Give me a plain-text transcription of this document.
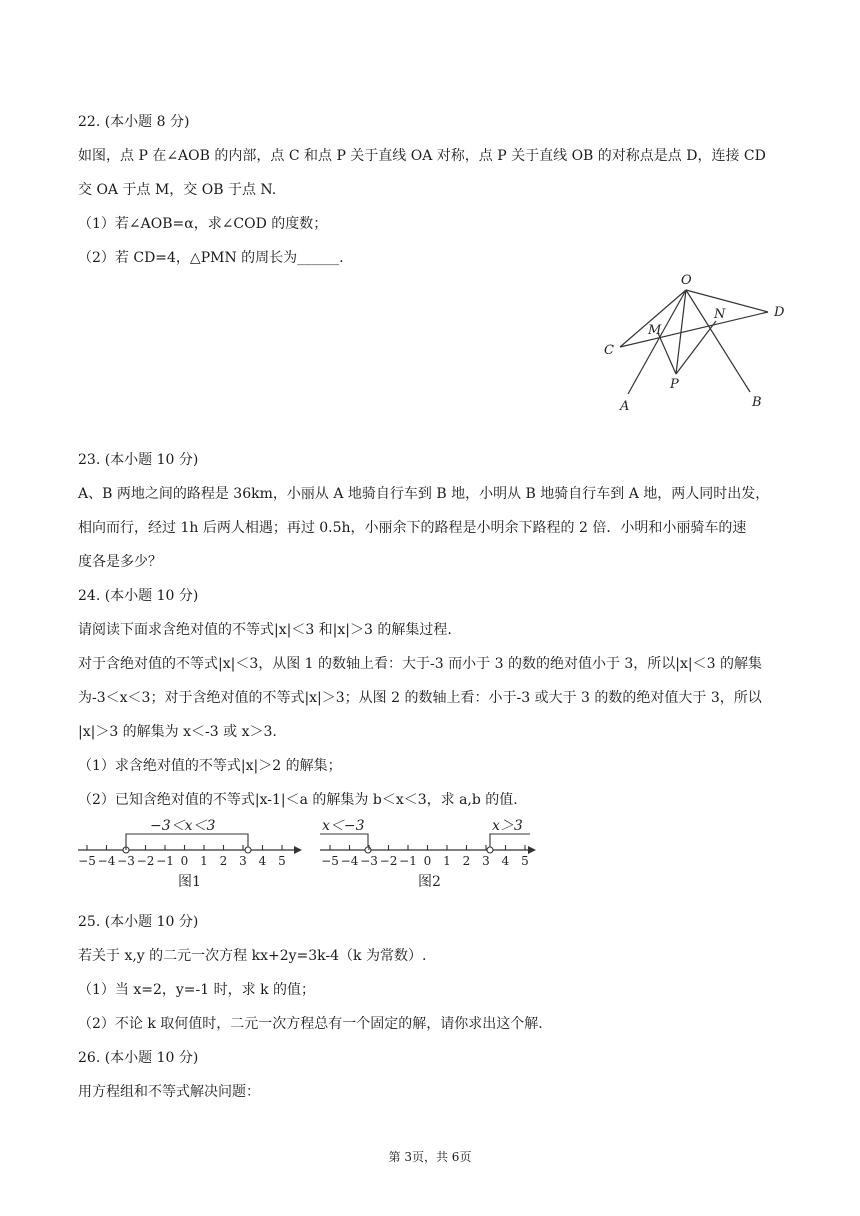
22. (本小题 8 分)
如图，点 P 在∠AOB 的内部，点 C 和点 P 关于直线 OA 对称，点 P 关于直线 OB 的对称点是点 D，连接 CD
交 OA 于点 M，交 OB 于点 N.
（1）若∠AOB=α，求∠COD 的度数；
（2）若 CD=4，△PMN 的周长为______.
O
M
N	D
C
P
A	B
23. (本小题 10 分)
A、B 两地之间的路程是 36km，小丽从 A 地骑自行车到 B 地，小明从 B 地骑自行车到 A 地，两人同时出发，
相向而行，经过 1h 后两人相遇；再过 0.5h，小丽余下的路程是小明余下路程的 2 倍．小明和小丽骑车的速
度各是多少？
24. (本小题 10 分)
请阅读下面求含绝对值的不等式|x|＜3 和|x|＞3 的解集过程.
对于含绝对值的不等式|x|＜3，从图 1 的数轴上看：大于-3 而小于 3 的数的绝对值小于 3，所以|x|＜3 的解集
为-3＜x＜3；对于含绝对值的不等式|x|＞3；从图 2 的数轴上看：小于-3 或大于 3 的数的绝对值大于 3，所以
|x|＞3 的解集为 x＜-3 或 x＞3.
（1）求含绝对值的不等式|x|＞2 的解集；
（2）已知含绝对值的不等式|x-1|＜a 的解集为 b＜x＜3，求 a,b 的值.
−3＜x＜3
图1
−5 −4 −3 −2 −1 0 1 2 3 4 5
x＜−3	x＞3
图2
−5 −4 −3 −2 −1 0 1 2 3 4 5
25. (本小题 10 分)
若关于 x,y 的二元一次方程 kx+2y=3k-4（k 为常数）.
（1）当 x=2，y=-1 时，求 k 的值；
（2）不论 k 取何值时，二元一次方程总有一个固定的解，请你求出这个解.
26. (本小题 10 分)
用方程组和不等式解决问题：
第 3页，共 6页
